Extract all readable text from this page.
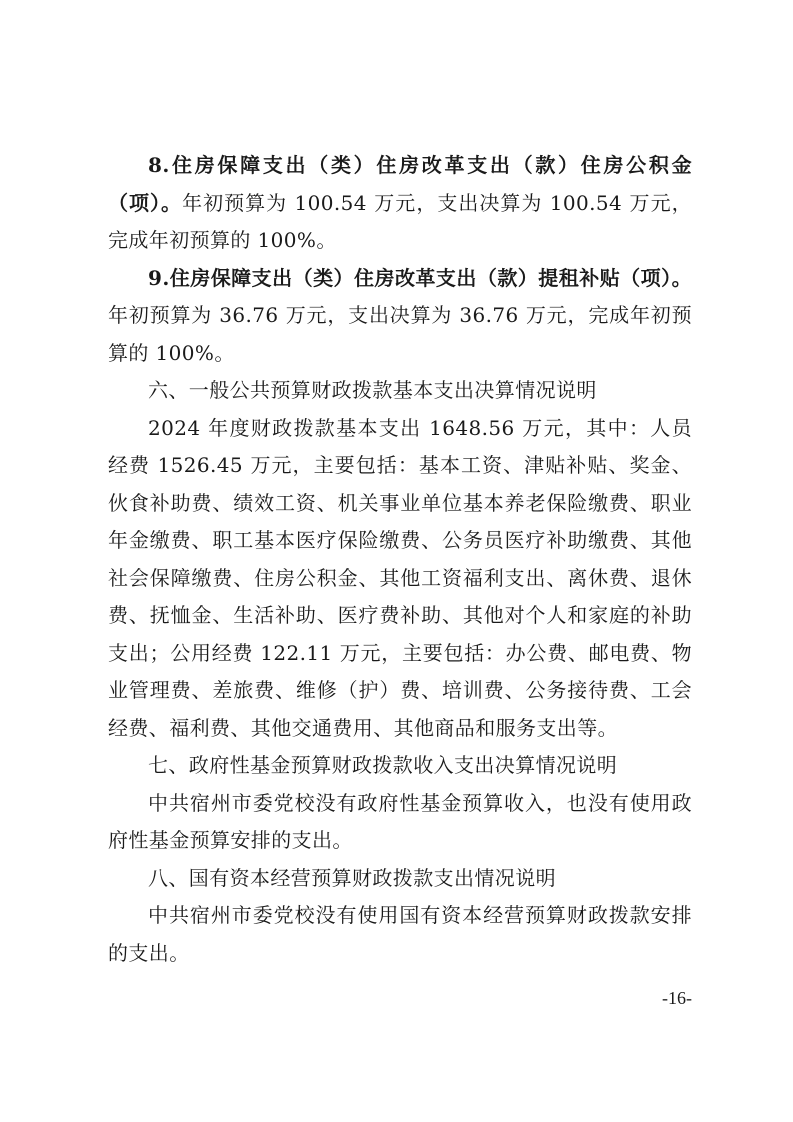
8.住房保障支出（类）住房改革支出（款）住房公积金（项）。年初预算为 100.54 万元，支出决算为 100.54 万元，完成年初预算的 100%。

9.住房保障支出（类）住房改革支出（款）提租补贴（项）。年初预算为 36.76 万元，支出决算为 36.76 万元，完成年初预算的 100%。

六、一般公共预算财政拨款基本支出决算情况说明

2024 年度财政拨款基本支出 1648.56 万元，其中：人员经费 1526.45 万元，主要包括：基本工资、津贴补贴、奖金、伙食补助费、绩效工资、机关事业单位基本养老保险缴费、职业年金缴费、职工基本医疗保险缴费、公务员医疗补助缴费、其他社会保障缴费、住房公积金、其他工资福利支出、离休费、退休费、抚恤金、生活补助、医疗费补助、其他对个人和家庭的补助支出；公用经费 122.11 万元，主要包括：办公费、邮电费、物业管理费、差旅费、维修（护）费、培训费、公务接待费、工会经费、福利费、其他交通费用、其他商品和服务支出等。

七、政府性基金预算财政拨款收入支出决算情况说明

中共宿州市委党校没有政府性基金预算收入，也没有使用政府性基金预算安排的支出。

八、国有资本经营预算财政拨款支出情况说明

中共宿州市委党校没有使用国有资本经营预算财政拨款安排的支出。

-16-
